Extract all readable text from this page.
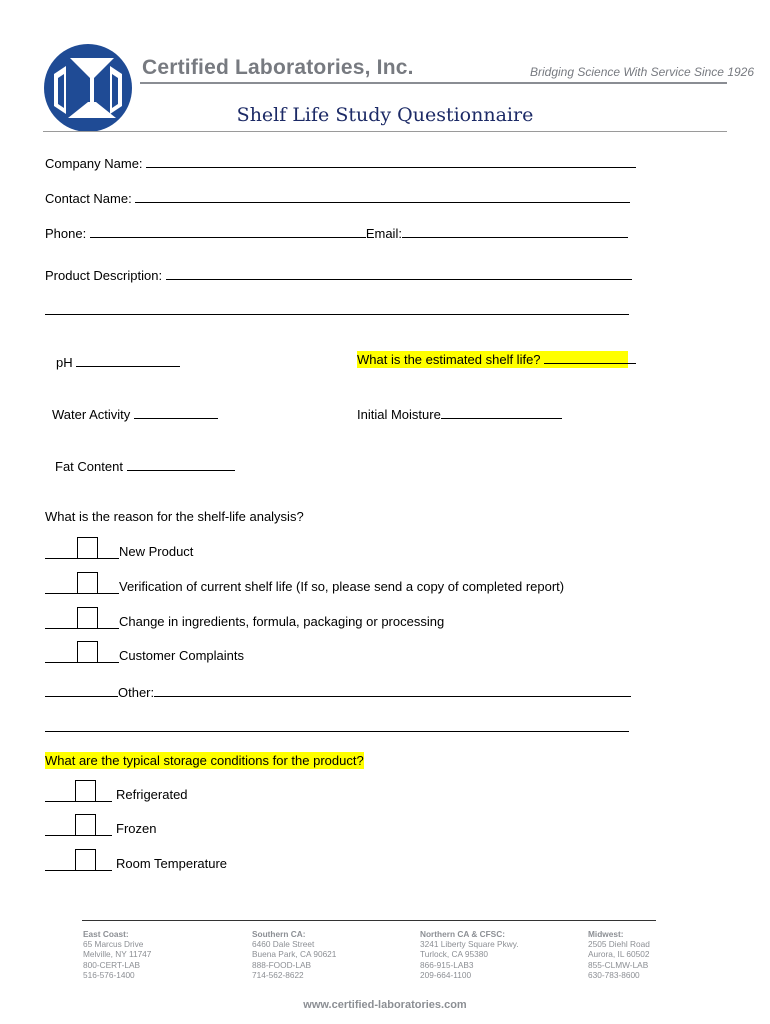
Certified Laboratories, Inc.	Bridging Science With Service Since 1926
Shelf Life Study Questionnaire
Company Name:
Contact Name:
Phone:	Email:
Product Description:
pH	What is the estimated shelf life?
Water Activity	Initial Moisture
Fat Content
What is the reason for the shelf-life analysis?
New Product
Verification of current shelf life (If so, please send a copy of completed report)
Change in ingredients, formula, packaging or processing
Customer Complaints
Other:
What are the typical storage conditions for the product?
Refrigerated
Frozen
Room Temperature
East Coast:
65 Marcus Drive
Melville, NY 11747
800-CERT-LAB
516-576-1400
Southern CA:
6460 Dale Street
Buena Park, CA 90621
888-FOOD-LAB
714-562-8622
Northern CA & CFSC:
3241 Liberty Square Pkwy.
Turlock, CA 95380
866-915-LAB3
209-664-1100
Midwest:
2505 Diehl Road
Aurora, IL 60502
855-CLMW-LAB
630-783-8600
www.certified-laboratories.com
